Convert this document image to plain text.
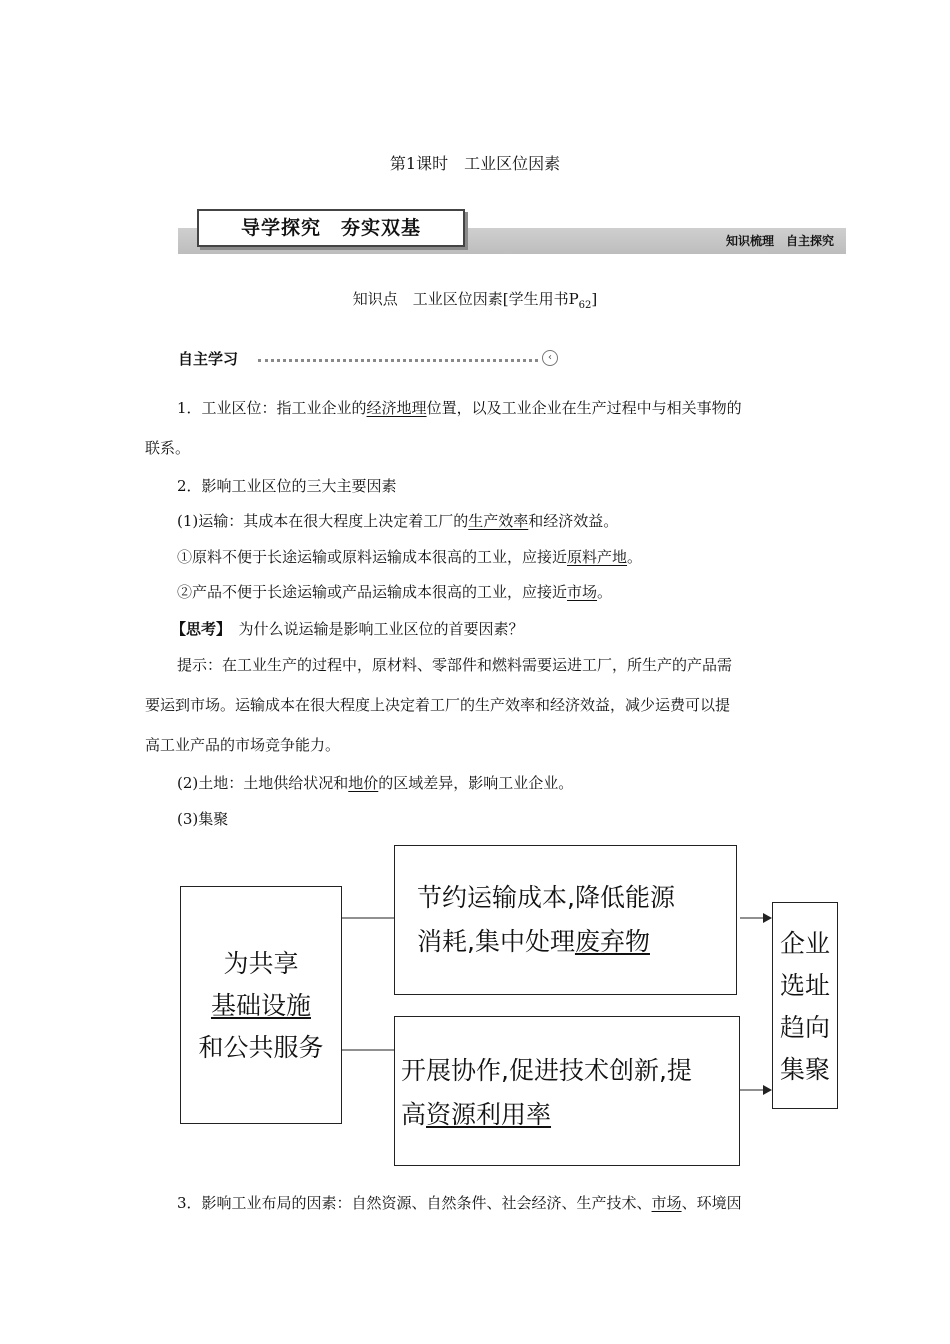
第1课时　工业区位因素
导学探究　夯实双基
知识梳理　自主探究
知识点　工业区位因素[学生用书$P_{62}$]
自主学习	‹
1．工业区位：指工业企业的经济地理位置，以及工业企业在生产过程中与相关事物的
联系。
2．影响工业区位的三大主要因素
(1)运输：其成本在很大程度上决定着工厂的生产效率和经济效益。
①原料不便于长途运输或原料运输成本很高的工业，应接近原料产地。
②产品不便于长途运输或产品运输成本很高的工业，应接近市场。
【思考】　为什么说运输是影响工业区位的首要因素？
提示：在工业生产的过程中，原材料、零部件和燃料需要运进工厂，所生产的产品需
要运到市场。运输成本在很大程度上决定着工厂的生产效率和经济效益，减少运费可以提
高工业产品的市场竞争能力。
(2)土地：土地供给状况和地价的区域差异，影响工业企业。
(3)集聚
为共享
基础设施
和公共服务
节约运输成本,降低能源
消耗,集中处理废弃物
开展协作,促进技术创新,提
高资源利用率
企业
选址
趋向
集聚
3．影响工业布局的因素：自然资源、自然条件、社会经济、生产技术、市场、环境因
